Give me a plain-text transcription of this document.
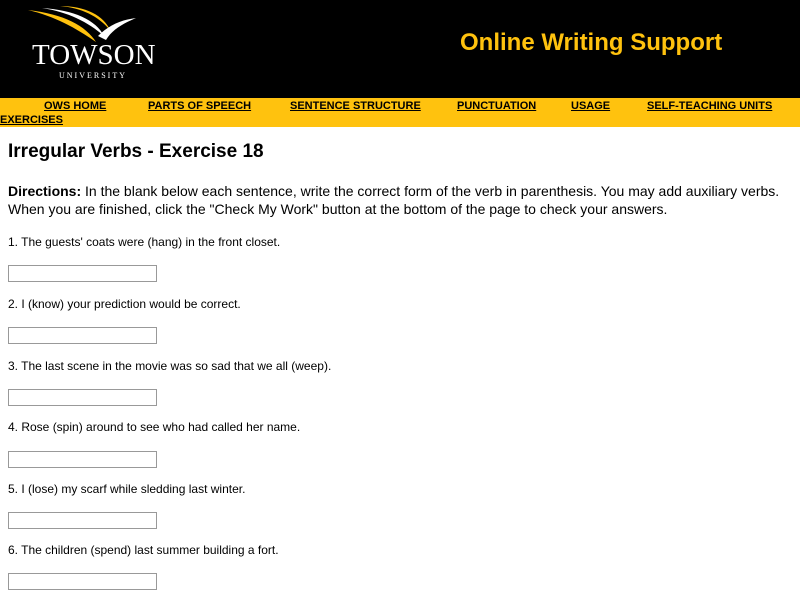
TOWSON
UNIVERSITY
Online Writing Support
OWS HOME	PARTS OF SPEECH	SENTENCE STRUCTURE	PUNCTUATION	USAGE	SELF-TEACHING UNITS
EXERCISES
Irregular Verbs - Exercise 18
Directions: In the blank below each sentence, write the correct form of the verb in parenthesis. You may add auxiliary verbs. When you are finished, click the "Check My Work" button at the bottom of the page to check your answers.
1. The guests' coats were (hang) in the front closet.
2. I (know) your prediction would be correct.
3. The last scene in the movie was so sad that we all (weep).
4. Rose (spin) around to see who had called her name.
5. I (lose) my scarf while sledding last winter.
6. The children (spend) last summer building a fort.
